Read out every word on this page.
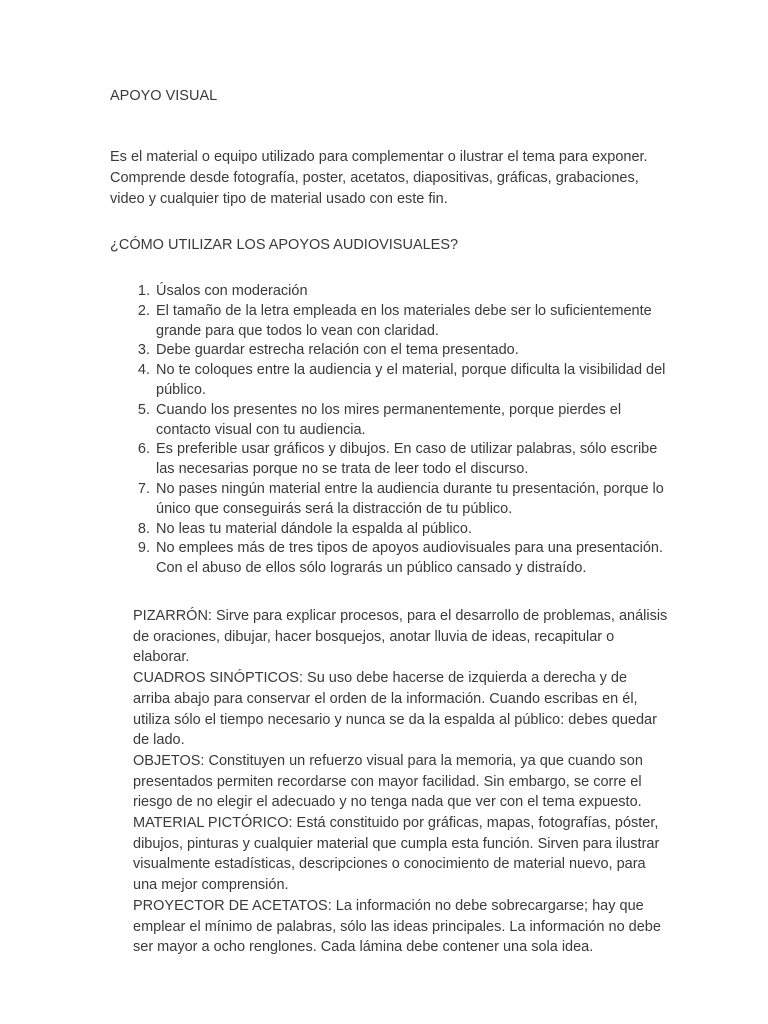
APOYO VISUAL

Es el material o equipo utilizado para complementar o ilustrar el tema para exponer. Comprende desde fotografía, poster, acetatos, diapositivas, gráficas, grabaciones, video y cualquier tipo de material usado con este fin.

¿CÓMO UTILIZAR LOS APOYOS AUDIOVISUALES?
1. Úsalos con moderación
2. El tamaño de la letra empleada en los materiales debe ser lo suficientemente grande para que todos lo vean con claridad.
3. Debe guardar estrecha relación con el tema presentado.
4. No te coloques entre la audiencia y el material, porque dificulta la visibilidad del público.
5. Cuando los presentes no los mires permanentemente, porque pierdes el contacto visual con tu audiencia.
6. Es preferible usar gráficos y dibujos. En caso de utilizar palabras, sólo escribe las necesarias porque no se trata de leer todo el discurso.
7. No pases ningún material entre la audiencia durante tu presentación, porque lo único que conseguirás será la distracción de tu público.
8. No leas tu material dándole la espalda al público.
9. No emplees más de tres tipos de apoyos audiovisuales para una presentación. Con el abuso de ellos sólo lograrás un público cansado y distraído.

PIZARRÓN: Sirve para explicar procesos, para el desarrollo de problemas, análisis de oraciones, dibujar, hacer bosquejos, anotar lluvia de ideas, recapitular o elaborar.

CUADROS SINÓPTICOS: Su uso debe hacerse de izquierda a derecha y de arriba abajo para conservar el orden de la información. Cuando escribas en él, utiliza sólo el tiempo necesario y nunca se da la espalda al público: debes quedar de lado.

OBJETOS: Constituyen un refuerzo visual para la memoria, ya que cuando son presentados permiten recordarse con mayor facilidad. Sin embargo, se corre el riesgo de no elegir el adecuado y no tenga nada que ver con el tema expuesto.

MATERIAL PICTÓRICO: Está constituido por gráficas, mapas, fotografías, póster, dibujos, pinturas y cualquier material que cumpla esta función. Sirven para ilustrar visualmente estadísticas, descripciones o conocimiento de material nuevo, para una mejor comprensión.

PROYECTOR DE ACETATOS: La información no debe sobrecargarse; hay que emplear el mínimo de palabras, sólo las ideas principales. La información no debe ser mayor a ocho renglones. Cada lámina debe contener una sola idea.
